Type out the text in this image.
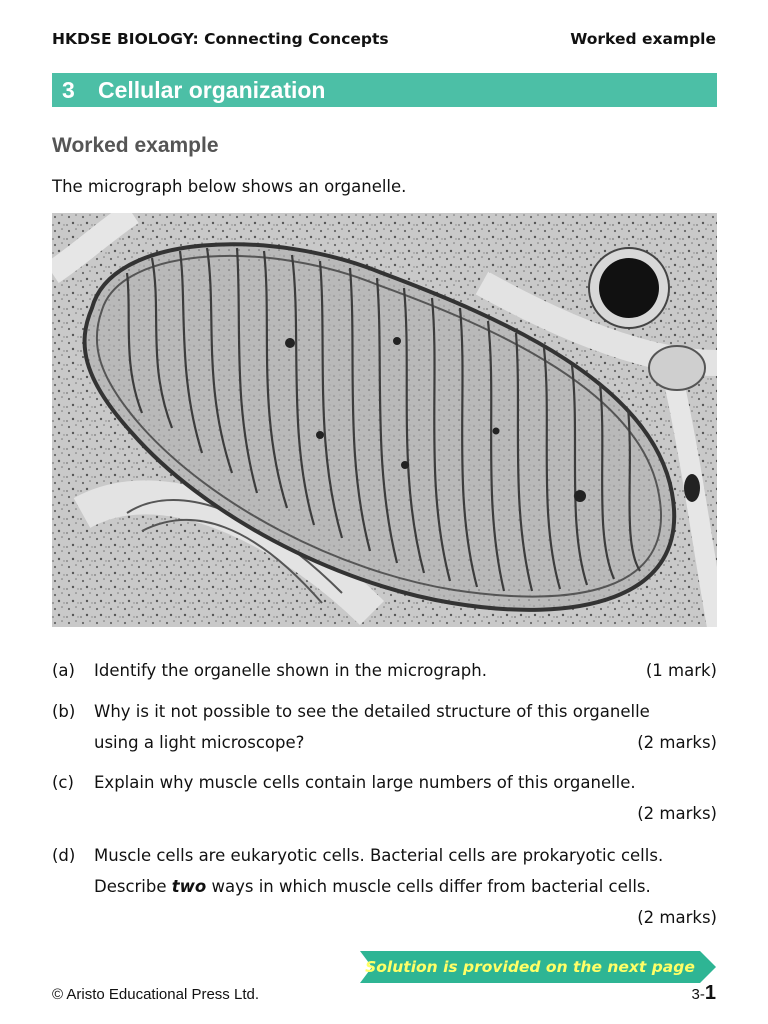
HKDSE BIOLOGY: Connecting Concepts	Worked example
3	Cellular organization
Worked example
The micrograph below shows an organelle.
(a) Identify the organelle shown in the micrograph.	(1 mark)
(b) Why is it not possible to see the detailed structure of this organelle
using a light microscope?	(2 marks)
(c) Explain why muscle cells contain large numbers of this organelle.
(2 marks)
(d) Muscle cells are eukaryotic cells. Bacterial cells are prokaryotic cells.
Describe two ways in which muscle cells differ from bacterial cells.
(2 marks)
Solution is provided on the next page
© Aristo Educational Press Ltd.	3-1
